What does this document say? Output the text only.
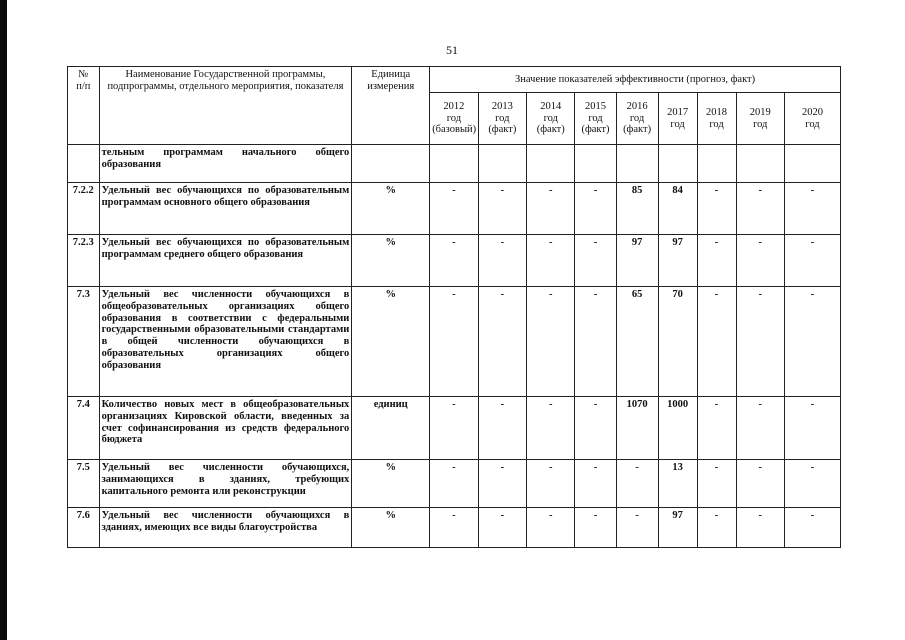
51
№
п/п	Наименование Государственной программы, подпрограммы, отдельного мероприятия, показателя	Единица измерения	Значение показателей эффективности (прогноз, факт)								

			2012
год
(базовый)	2013
год
(факт)	2014
год
(факт)	2015
год
(факт)	2016
год
(факт)	2017
год	2018
год	2019
год	2020
год

	тельным программам начального общего образования										
7.2.2	Удельный вес обучающихся по образовательным программам основного общего образования	%	-	-	-	-	85	84	-	-	-
7.2.3	Удельный вес обучающихся по образовательным программам среднего общего образования	%	-	-	-	-	97	97	-	-	-
7.3	Удельный вес численности обучающихся в общеобразовательных организациях общего образования в соответствии с федеральными государственными образовательными стандартами в общей численности обучающихся в образовательных организациях общего образования	%	-	-	-	-	65	70	-	-	-
7.4	Количество новых мест в общеобразовательных организациях Кировской области, введенных за счет софинансирования из средств федерального бюджета	единиц	-	-	-	-	1070	1000	-	-	-
7.5	Удельный вес численности обучающихся, занимающихся в зданиях, требующих капитального ремонта или реконструкции	%	-	-	-	-	-	13	-	-	-
7.6	Удельный вес численности обучающихся в зданиях, имеющих все виды благоустройства	%	-	-	-	-	-	97	-	-	-
